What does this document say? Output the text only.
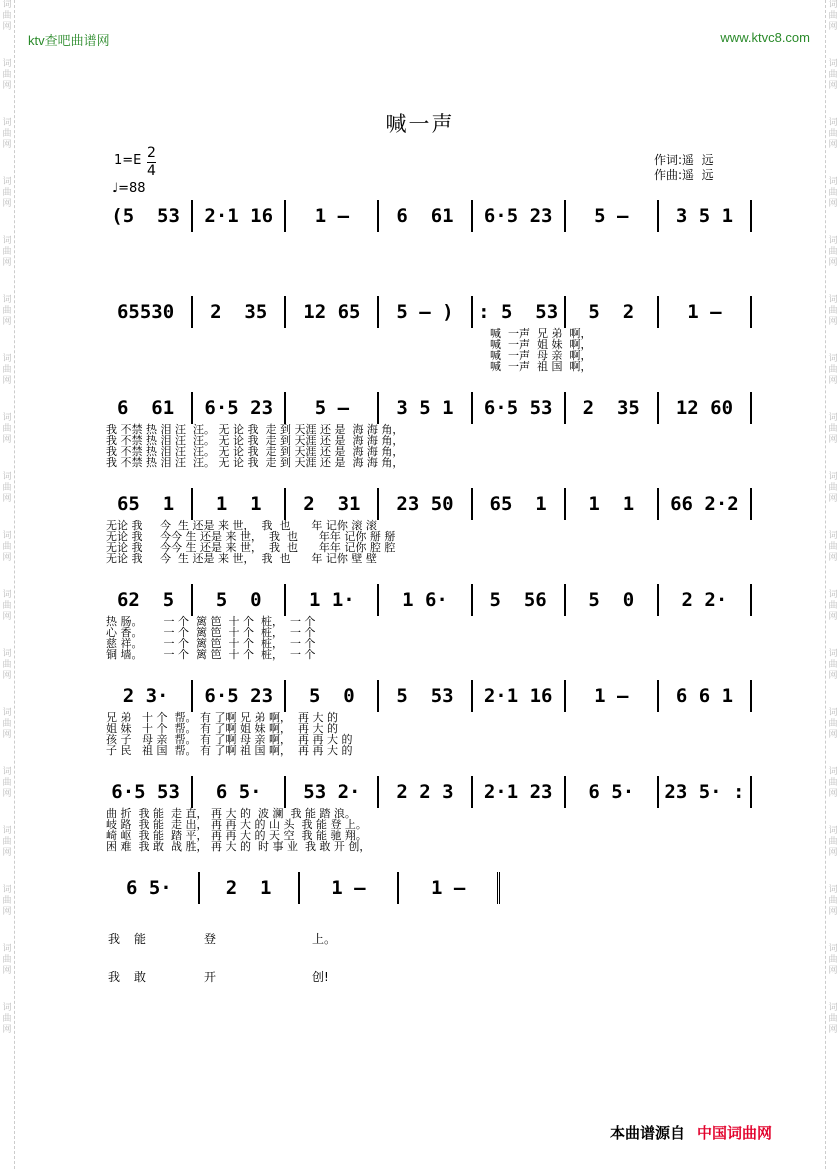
词
曲
网
词
曲
网
词
曲
网
词
曲
网
词
曲
网
词
曲
网
词
曲
网
词
曲
网
词
曲
网
词
曲
网
词
曲
网
词
曲
网
词
曲
网
词
曲
网
词
曲
网
词
曲
网
词
曲
网
词
曲
网
词
曲
网
词
曲
网
词
曲
网
词
曲
网
词
曲
网
词
曲
网
词
曲
网
词
曲
网
词
曲
网
词
曲
网
词
曲
网
词
曲
网
词
曲
网
词
曲
网
词
曲
网
词
曲
网
词
曲
网
词
曲
网
ktv查吧曲谱网	www.ktvc8.com
喊一声
1=E 2
4
♩=88
作词:遥  远
作曲:遥  远
(5  53 2·1 16 1 – 6  61 6·5 23 5 – 3 5 1
65530 2  35 12 65 5 – ) : 5  53 5  2	1 –
喊  一声  兄 弟  啊，
喊  一声  姐 妹  啊，
喊  一声  母 亲  啊，
喊  一声  祖 国  啊，
6  61 6·5 23 5 – 3 5 1 6·5 53 2  35 12 60
我 不禁 热 泪 汪  汪。 无 论 我  走 到 天涯 还 是  海 海 角，
我 不禁 热 泪 汪  汪。 无 论 我  走 到 天涯 还 是  海 海 角，
我 不禁 热 泪 汪  汪。 无 论 我  走 到 天涯 还 是  海 海 角，
我 不禁 热 泪 汪  汪。 无 论 我  走 到 天涯 还 是  海 海 角，
65  1 1  1 2  31 23 50 65  1 1  1 66 2·2
无论 我     今  生 还是 来 世，  我  也      年 记你 滚 滚
无论 我     今今 生 还是 来 世，  我  也      年年 记你 掰 掰
无论 我     今今 生 还是 来 世，  我  也      年年 记你 腔 腔
无论 我     今  生 还是 来 世，  我  也      年 记你 壁 壁
62  5 5  0 1 1· 1 6· 5  56 5  0 2 2·
热 肠。      一 个  篱 笆  十 个  桩，  一 个
心 香。      一 个  篱 笆  十 个  桩，  一 个
慈 祥。      一 个  篱 笆  十 个  桩，  一 个
铜 墙。      一 个  篱 笆  十 个  桩，  一 个
2 3· 6·5 23 5  0 5  53 2·1 16 1 – 6 6 1
兄 弟   十 个  帮。 有 了啊 兄 弟 啊，  再 大 的
姐 妹   十 个  帮。 有 了啊 姐 妹 啊，  再 大 的
孩 子   母 亲  帮。 有 了啊 母 亲 啊，  再 再 大 的
子 民   祖 国  帮。 有 了啊 祖 国 啊，  再 再 大 的
6·5 53 6 5· 53 2· 2 2 3 2·1 23 6 5· 23 5· :
曲 折  我 能  走 直， 再 大 的  波 澜  我 能 踏 浪。
岐 路  我 能  走 出， 再 再 大 的 山 头  我 能 登 上。
崎 岖  我 能  踏 平， 再 再 大 的 天 空  我 能 驰 翔。
困 难  我 敢  战 胜， 再 大 的  时 事 业  我 敢 开 创，
6 5·	2  1	1 –	1 –
我 能	登	上。
我 敢	开	创!
本曲谱源自 中国词曲网
